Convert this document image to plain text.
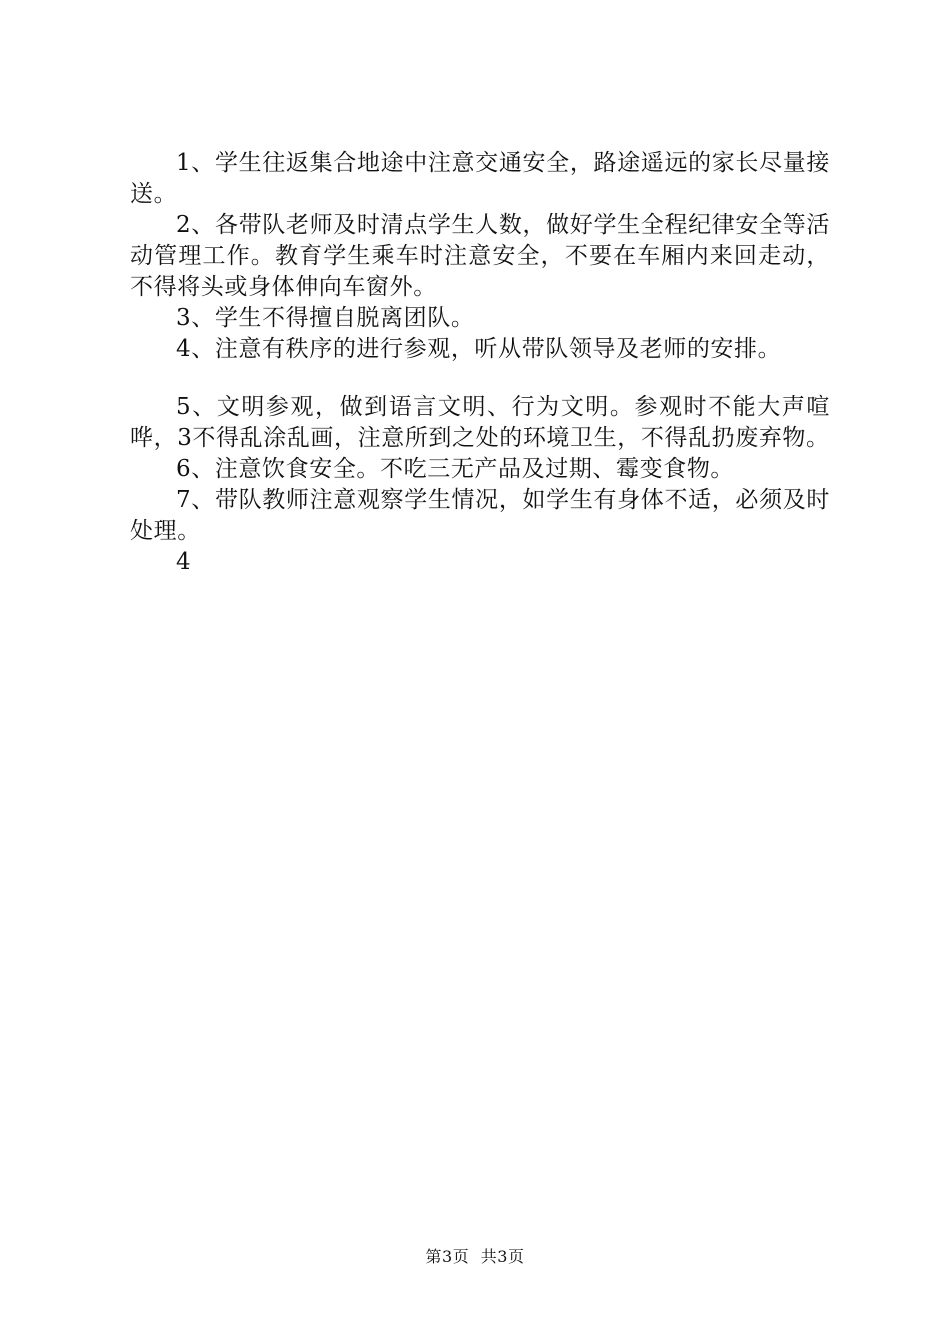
1、学生往返集合地途中注意交通安全，路途遥远的家长尽量接送。

2、各带队老师及时清点学生人数，做好学生全程纪律安全等活动管理工作。教育学生乘车时注意安全，不要在车厢内来回走动，不得将头或身体伸向车窗外。

3、学生不得擅自脱离团队。

4、注意有秩序的进行参观，听从带队领导及老师的安排。

5、文明参观，做到语言文明、行为文明。参观时不能大声喧哗，3不得乱涂乱画，注意所到之处的环境卫生，不得乱扔废弃物。

6、注意饮食安全。不吃三无产品及过期、霉变食物。

7、带队教师注意观察学生情况，如学生有身体不适，必须及时处理。

4

第3页 共3页
